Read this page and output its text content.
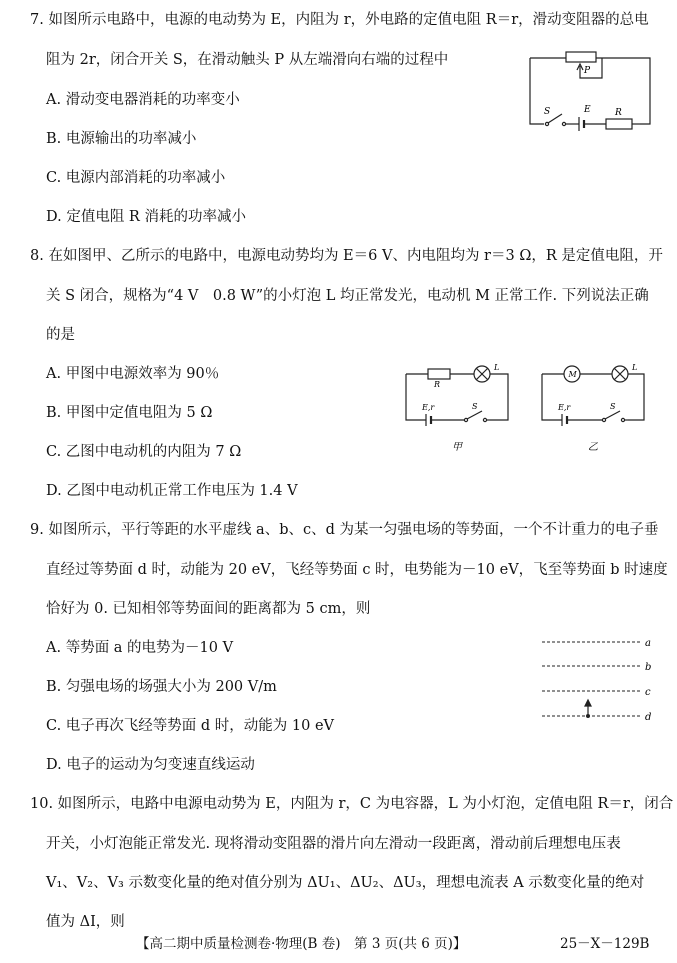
7. 如图所示电路中，电源的电动势为 E，内阻为 r，外电路的定值电阻 R＝r，滑动变阻器的总电
阻为 2r，闭合开关 S，在滑动触头 P 从左端滑向右端的过程中
A. 滑动变电器消耗的功率变小
B. 电源输出的功率减小
C. 电源内部消耗的功率减小
D. 定值电阻 R 消耗的功率减小
P
S	E	R
8. 在如图甲、乙所示的电路中，电源电动势均为 E＝6 V、内电阻均为 r＝3 Ω，R 是定值电阻，开
关 S 闭合，规格为“4 V　0.8 W”的小灯泡 L 均正常发光，电动机 M 正常工作. 下列说法正确
的是
A. 甲图中电源效率为 90％
B. 甲图中定值电阻为 5 Ω
C. 乙图中电动机的内阻为 7 Ω
D. 乙图中电动机正常工作电压为 1.4 V
R
L
E,r	S
甲
M
L
E,r	S
乙
9. 如图所示，平行等距的水平虚线 a、b、c、d 为某一匀强电场的等势面，一个不计重力的电子垂
直经过等势面 d 时，动能为 20 eV，飞经等势面 c 时，电势能为－10 eV，飞至等势面 b 时速度
恰好为 0. 已知相邻等势面间的距离都为 5 cm，则
A. 等势面 a 的电势为－10 V
B. 匀强电场的场强大小为 200 V/m
C. 电子再次飞经等势面 d 时，动能为 10 eV
D. 电子的运动为匀变速直线运动
a
b
c
d
10. 如图所示，电路中电源电动势为 E，内阻为 r，C 为电容器，L 为小灯泡，定值电阻 R＝r，闭合
开关，小灯泡能正常发光. 现将滑动变阻器的滑片向左滑动一段距离，滑动前后理想电压表
V₁、V₂、V₃ 示数变化量的绝对值分别为 ΔU₁、ΔU₂、ΔU₃，理想电流表 A 示数变化量的绝对
值为 ΔI，则
【高二期中质量检测卷·物理(B 卷)　第 3 页(共 6 页)】	25－X－129B
